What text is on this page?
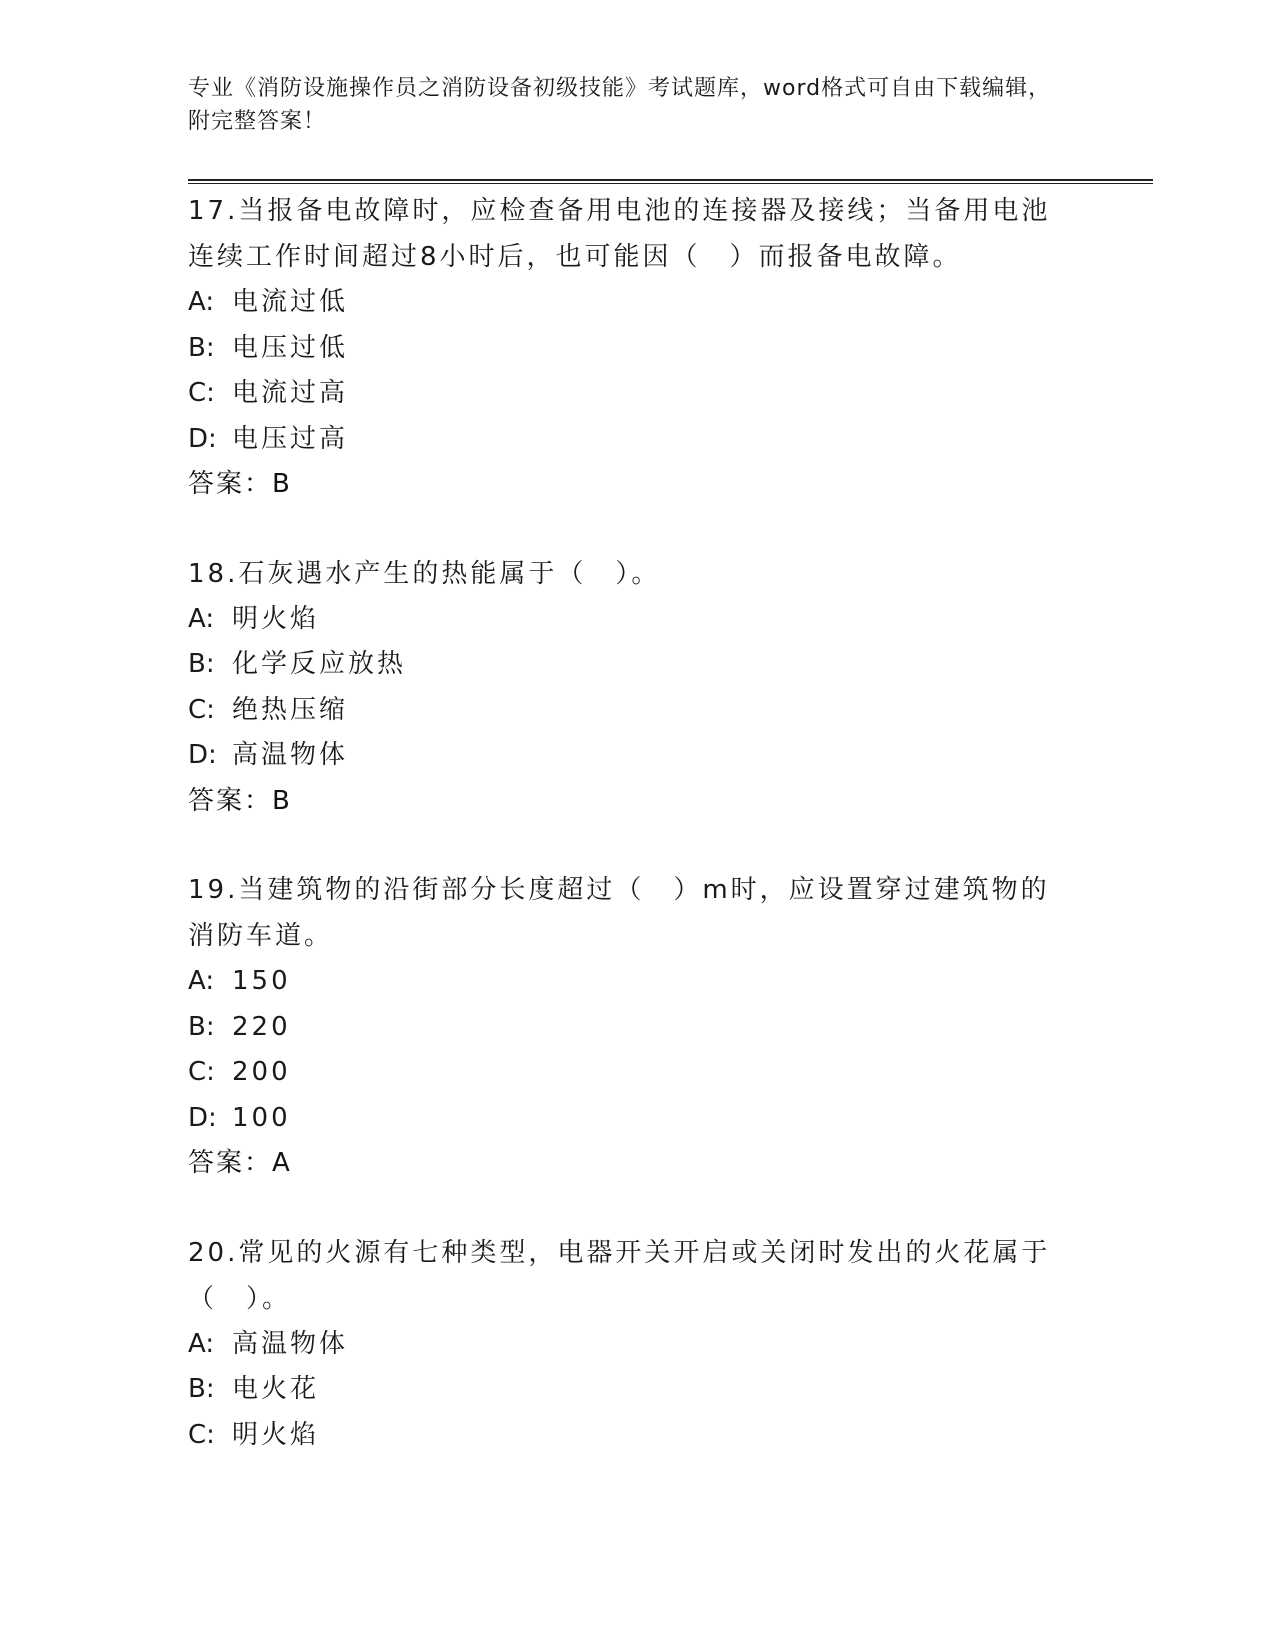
专业《消防设施操作员之消防设备初级技能》考试题库，word格式可自由下载编辑，附完整答案！

17.当报备电故障时，应检查备用电池的连接器及接线；当备用电池连续工作时间超过8小时后，也可能因（　）而报备电故障。

A: 电流过低

B: 电压过低

C: 电流过高

D: 电压过高

答案：B

18.石灰遇水产生的热能属于（　）。

A: 明火焰

B: 化学反应放热

C: 绝热压缩

D: 高温物体

答案：B

19.当建筑物的沿街部分长度超过（　）m时，应设置穿过建筑物的消防车道。

A: 150

B: 220

C: 200

D: 100

答案：A

20.常见的火源有七种类型，电器开关开启或关闭时发出的火花属于（　）。

A: 高温物体

B: 电火花

C: 明火焰
